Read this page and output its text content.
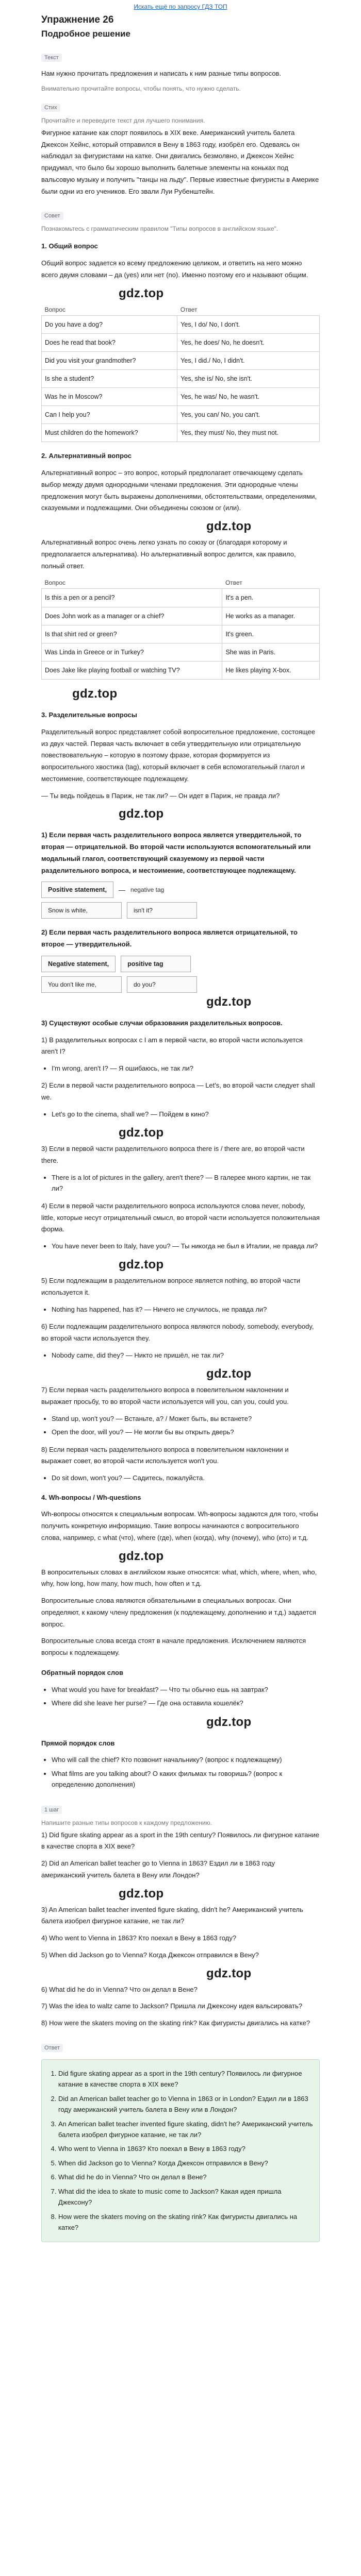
Искать ещё по запросу ГДЗ ТОП
Упражнение 26
Подробное решение
Текст

Нам нужно прочитать предложения и написать к ним разные типы вопросов.

Внимательно прочитайте вопросы, чтобы понять, что нужно сделать.
Стих
Прочитайте и переведите текст для лучшего понимания.

Фигурное катание как спорт появилось в XIX веке. Американский учитель балета Джексон Хейнс, который отправился в Вену в 1863 году, изобрёл его. Одеваясь он наблюдал за фигуристами на катке. Они двигались безмолвно, и Джексон Хейнс придумал, что было бы хорошо выполнить балетные элементы на коньках под вальсовую музыку и получить "танцы на льду". Первые известные фигуристы в Америке были одни из его учеников. Его звали Луи Рубенштейн.

Совет
Познакомьтесь с грамматическим правилом "Типы вопросов в английском языке".

1. Общий вопрос

Общий вопрос задается ко всему предложению целиком, и ответить на него можно всего двумя словами – да (yes) или нет (no). Именно поэтому его и называют общим.

gdz.top
Вопрос	Ответ
Do you have a dog?	Yes, I do/ No, I don't.
Does he read that book?	Yes, he does/ No, he doesn't.
Did you visit your grandmother?	Yes, I did./ No, I didn't.
Is she a student?	Yes, she is/ No, she isn't.
Was he in Moscow?	Yes, he was/ No, he wasn't.
Can I help you?	Yes, you can/ No, you can't.
Must children do the homework?	Yes, they must/ No, they must not.

2. Альтернативный вопрос

Альтернативный вопрос – это вопрос, который предполагает отвечающему сделать выбор между двумя однородными членами предложения. Эти однородные члены предложения могут быть выражены дополнениями, обстоятельствами, определениями, сказуемыми и подлежащими. Они объединены союзом or (или).

gdz.top

Альтернативный вопрос очень легко узнать по союзу or (благодаря которому и предполагается альтернатива). Но альтернативный вопрос делится, как правило, полный ответ.

Вопрос	Ответ
Is this a pen or a pencil?	It's a pen.
Does John work as a manager or a chief?	He works as a manager.
Is that shirt red or green?	It's green.
Was Linda in Greece or in Turkey?	She was in Paris.
Does Jake like playing football or watching TV?	He likes playing X-box.
gdz.top

3. Разделительные вопросы

Разделительный вопрос представляет собой вопросительное предложение, состоящее из двух частей. Первая часть включает в себя утвердительную или отрицательную повествовательную – которую в поэтому фразе, которая формируется из вопросительного хвостика (tag), который включает в себя вспомогательный глагол и местоимение, соответствующее подлежащему.

— Ты ведь пойдешь в Париж, не так ли? — Он идет в Париж, не правда ли?

gdz.top

1) Если первая часть разделительного вопроса является утвердительной, то вторая — отрицательной. Во второй части используются вспомогательный или модальный глагол, соответствующий сказуемому из первой части разделительного вопроса, и местоимение, соответствующее подлежащему.

Positive statement,	— negative tag
Snow is white,	isn't it?

2) Если первая часть разделительного вопроса является отрицательной, то второе — утвердительной.

Negative statement,	positive tag
You don't like me,	do you?
gdz.top

3) Существуют особые случаи образования разделительных вопросов.

1) В разделительных вопросах с I am в первой части, во второй части используется aren't I?

• I'm wrong, aren't I? — Я ошибаюсь, не так ли?

2) Если в первой части разделительного вопроса — Let's, во второй части следует shall we.

• Let's go to the cinema, shall we? — Пойдем в кино?
gdz.top

3) Если в первой части разделительного вопроса there is / there are, во второй части there.

• There is a lot of pictures in the gallery, aren't there? — В галерее много картин, не так ли?

4) Если в первой части разделительного вопроса используются слова never, nobody, little, которые несут отрицательный смысл, во второй части используется положительная форма.

• You have never been to Italy, have you? — Ты никогда не был в Италии, не правда ли?
gdz.top

5) Если подлежащим в разделительном вопросе является nothing, во второй части используется it.

• Nothing has happened, has it? — Ничего не случилось, не правда ли?

6) Если подлежащим разделительного вопроса являются nobody, somebody, everybody, во второй части используется they.

• Nobody came, did they? — Никто не пришёл, не так ли?
gdz.top

7) Если первая часть разделительного вопроса в повелительном наклонении и выражает просьбу, то во второй части используется will you, can you, could you.

• Stand up, won't you? — Встаньте, а? / Может быть, вы встанете?
• Open the door, will you? — Не могли бы вы открыть дверь?

8) Если первая часть разделительного вопроса в повелительном наклонении и выражает совет, во второй части используется won't you.

• Do sit down, won't you? — Садитесь, пожалуйста.

4. Wh-вопросы / Wh-questions

Wh-вопросы относятся к специальным вопросам. Wh-вопросы задаются для того, чтобы получить конкретную информацию. Такие вопросы начинаются с вопросительного слова, например, с what (что), where (где), when (когда), why (почему), who (кто) и т.д.

gdz.top

В вопросительных словах в английском языке относятся: what, which, where, when, who, why, how long, how many, how much, how often и т.д.

Вопросительные слова являются обязательными в специальных вопросах. Они определяют, к какому члену предложения (к подлежащему, дополнению и т.д.) задается вопрос.

Вопросительные слова всегда стоят в начале предложения. Исключением являются вопросы к подлежащему.

Обратный порядок слов

• What would you have for breakfast? — Что ты обычно ешь на завтрак?
• Where did she leave her purse? — Где она оставила кошелёк?
gdz.top

Прямой порядок слов

• Who will call the chief? Кто позвонит начальнику? (вопрос к подлежащему)
• What films are you talking about? О каких фильмах ты говоришь? (вопрос к определению дополнения)
1 шаг
Напишите разные типы вопросов к каждому предложению.

1) Did figure skating appear as a sport in the 19th century? Появилось ли фигурное катание в качестве спорта в XIX веке?

2) Did an American ballet teacher go to Vienna in 1863? Ездил ли в 1863 году американский учитель балета в Вену или Лондон?

gdz.top

3) An American ballet teacher invented figure skating, didn't he? Американский учитель балета изобрел фигурное катание, не так ли?

4) Who went to Vienna in 1863? Кто поехал в Вену в 1863 году?

5) When did Jackson go to Vienna? Когда Джексон отправился в Вену?

gdz.top

6) What did he do in Vienna? Что он делал в Вене?

7) Was the idea to waltz came to Jackson? Пришла ли Джексону идея вальсировать?

8) How were the skaters moving on the skating rink? Как фигуристы двигались на катке?

Ответ
1. Did figure skating appear as a sport in the 19th century? Появилось ли фигурное катание в качестве спорта в XIX веке?
2. Did an American ballet teacher go to Vienna in 1863 or in London? Ездил ли в 1863 году американский учитель балета в Вену или в Лондон?
3. An American ballet teacher invented figure skating, didn't he? Американский учитель балета изобрел фигурное катание, не так ли?
4. Who went to Vienna in 1863? Кто поехал в Вену в 1863 году?
5. When did Jackson go to Vienna? Когда Джексон отправился в Вену?
6. What did he do in Vienna? Что он делал в Вене?
7. What did the idea to skate to music come to Jackson? Какая идея пришла Джексону?
8. How were the skaters moving on the skating rink? Как фигуристы двигались на катке?
